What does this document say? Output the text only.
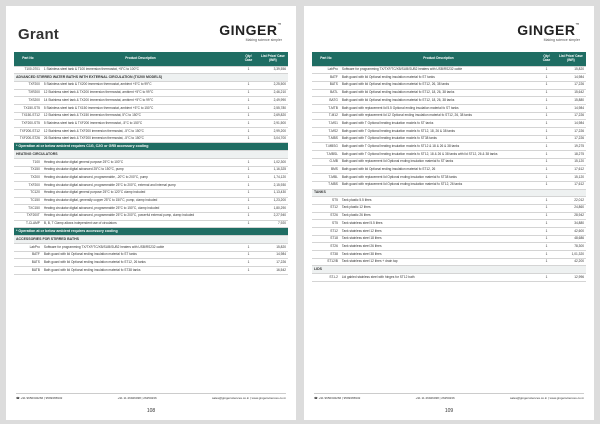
Grant	GINGER™
Making science simpler
Part No	Product Description	Qty/ Case	List Price/ Case (INR)
T100-0701	1 Stainless steel tank & T100 immersion thermostat, +5°C to 100°C	1	3,39,556
ADVANCED STIRRED WATER BATHS WITH EXTERNAL CIRCULATION (TX200 MODELS)			
TXF200	5 Stainless steel tank & TX200 immersion thermostat, ambient +5°C to 99°C	1	2,25,500
TXR200	12 Stainless steel tank & TX200 immersion thermostat, ambient +5°C to 99°C	1	2,46,210
TXS200	14 Stainless steel tank & TX200 immersion thermostat, ambient +5°C to 99°C	1	2,49,990
TX150-ST5	5 Stainless steel tank & TX150 immersion thermostat, ambient +5°C to 150°C	1	2,55,780
TX150-ST12	12 Stainless steel tank & TX150 immersion thermostat, 5°C to 150°C	1	2,69,820
TXF200-ST5	5 Stainless steel tank & TXF200 immersion thermostat, -5°C to 150°C	1	2,91,500
TXF200-ST12	12 Stainless steel tank & TXF200 immersion thermostat, -5°C to 150°C	1	2,99,200
TXF200-ST26	26 Stainless steel tank & TXF200 immersion thermostat, -5°C to 150°C	1	3,04,700
* Operation at or below ambient requires C1G, C2G or GR5 accessory cooling			
HEATING CIRCULATORS			
T100	Heating circulator digital general purpose 25°C to 100°C	1	1,02,300
TX150	Heating circulator digital advanced 25°C to 150°C, pump	1	1,16,325
TX200	Heating circulator digital advanced, programmable, -20°C to 200°C, pump	1	1,74,120
TXF200	Heating circulator digital advanced, programmable 25°C to 200°C, external and internal pump	1	2,15,930
TC120	Heating circulator digital general purpose 25°C to 120°C clamp included	1	1,13,430
TC150	Heating circulator digital, generally copper 25°C to 150°C, pump, clamp included	1	1,23,200
TXC150	Heating circulator digital advanced, programmable 25°C to 150°C, clamp included	1	1,80,290
TXF200T	Heating circulator digital advanced, programmable 25°C to 200°C, powerful external pump, clamp included	1	2,27,940
T-CLAMP	B, B, T Clamp allows independent use of circulators	1	7,920
* Operation at or below ambient requires accessory cooling			
ACCESSORIES FOR STIRRED BATHS			
LabPro	Software for programming TX/TXF/TC/XB/SUB/SUB2 heaters with USB/RS232 cable	1	15,820
BATF	Bath guard with lid Optional ending insulation material fo ST tanks	1	14,984
BATS	Bath guard with lid Optional ending insulation material fo ST12, 26 tanks	1	17,226
BATB	Bath guard with lid Optional ending insulation material fo ST38 tanks	1	16,542
☎ +91 9650332266 | 9599365932	+91 11 26926038 | 26250236	sales@gingersciences.co.in | www.gingersciences.co.in
108
GINGER™
Making science simpler
Part No	Product Description	Qty/ Case	List Price/ Case (INR)
LabPro	Software for programming TX/TXF/TC/XB/SUB/SUB2 heaters with USB/RS232 cable	1	15,820
BATF	Bath guard with lid Optional ending insulation material fo ST tanks	1	14,984
BATS	Bath guard with lid Optional ending insulation material fo ST12, 26, 38 tanks	1	17,226
BATL	Bath guard with lid Optional ending insulation material fo ST12, 18, 26, 38 tanks	1	15,642
BATG	Bath guard with lid Optional ending insulation material fo ST12, 18, 26, 38 tanks	1	15,880
T-MTB	Bath guard with replacement lid 5.5 Optional ending insulation material fo ST tanks	1	14,984
T-M12	Bath guard with replacement lid 12 Optional ending insulation material fo ST12, 26, 38 tanks	1	17,226
T-MS1	Bath guard with T Optional heating insulation models fo ST tanks	1	14,984
T-MS2	Bath guard with T Optional heating insulation models fo ST12, 18, 26 & 38 tanks	1	17,226
T-MBS	Bath guard with T Optional heating insulation models fo ST38 tanks	1	17,226
T-MBSG	Bath guard with T Optional heating insulation models fo ST12 & 18 & 26 & 38 tanks	1	19,275
T-MBSL	Bath guard with T Optional heating insulation models fo ST12, 18 & 26 & 38 tanks with lid ST12, 26 & 38 tanks	1	18,275
G-MB	Bath guard with replacement lid Optional ending insulation material fo ST tanks	1	15,120
BMS	Bath guard with lid Optional ending insulation material fo ST12, 26	1	17,612
T-MBL	Bath guard with replacement lid Optional ending insulation material fo ST38 tanks	1	15,120
T-MBS	Bath guard with replacement lid Optional ending insulation material fo ST12, 26 tanks	1	17,612
TANKS			
ST5	Tank plastic 5.5 litres	1	22,012
ST12	Tank plastic 12 litres	1	24,860
ST26	Tank plastic 26 litres	1	28,942
ST5	Tank stainless steel 5.5 litres	1	34,880
ST12	Tank stainless steel 12 litres	1	42,600
ST18	Tank stainless steel 18 litres	1	48,686
ST26	Tank stainless steel 26 litres	1	78,300
ST38	Tank stainless steel 38 litres	1	1,01,320
ST12/B	Tank stainless steel 12 litres + drain tap	1	42,200
LIDS			
ST-L2	Lid gabled stainless steel with hinges for ST12 bath	1	12,996
☎ +91 9650332266 | 9599365932	+91 11 26926038 | 26250236	sales@gingersciences.co.in | www.gingersciences.co.in
109
